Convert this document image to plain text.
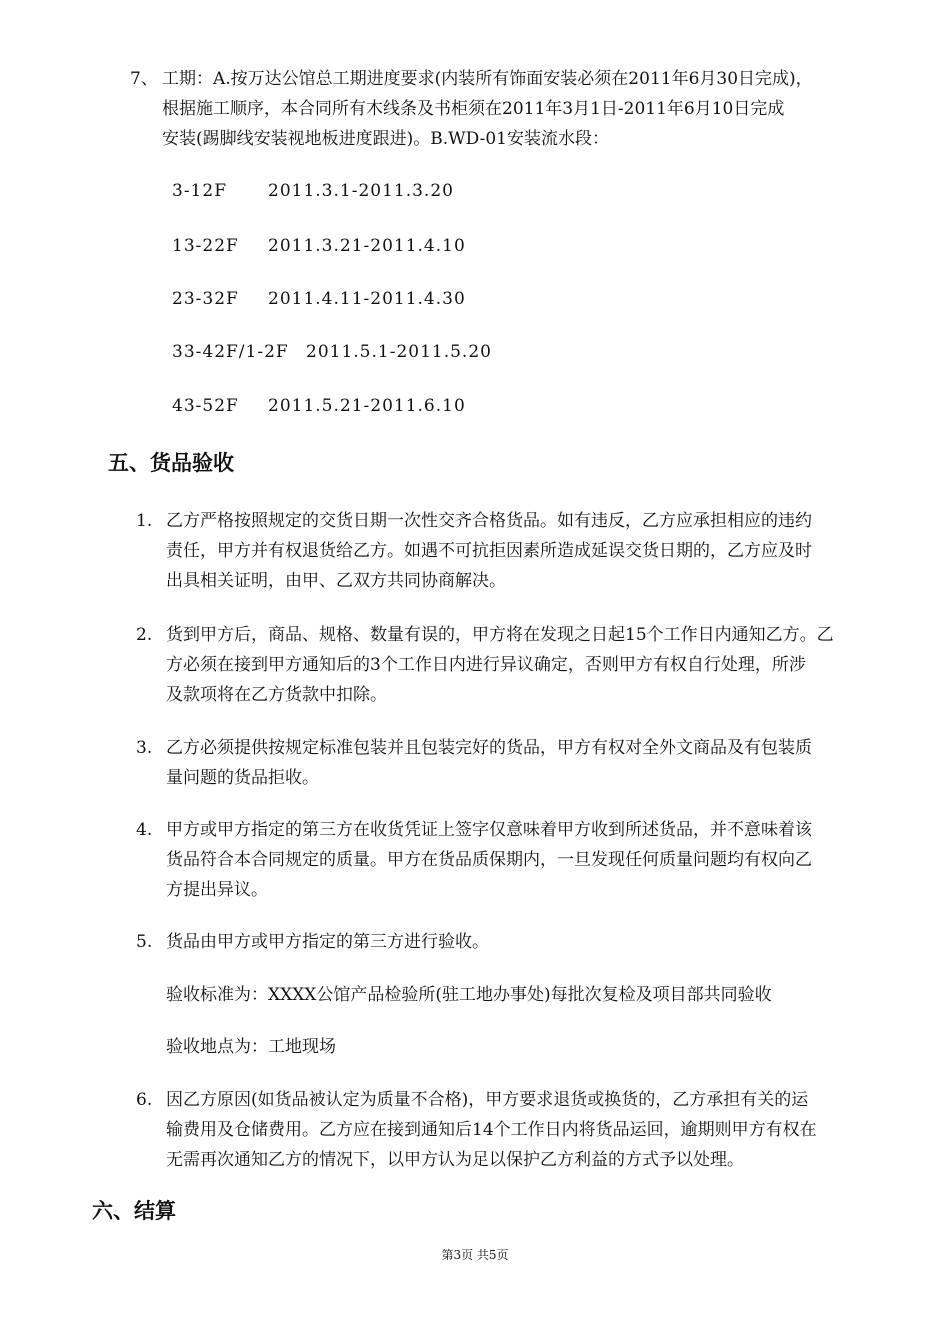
7、 工期：A.按万达公馆总工期进度要求(内装所有饰面安装必须在2011年6月30日完成)，
根据施工顺序，本合同所有木线条及书柜须在2011年3月1日-2011年6月10日完成
安装(踢脚线安装视地板进度跟进)。B.WD-01安装流水段：
3-12F 2011.3.1-2011.3.20
13-22F 2011.3.21-2011.4.10
23-32F 2011.4.11-2011.4.30
33-42F/1-2F 2011.5.1-2011.5.20
43-52F 2011.5.21-2011.6.10
五、货品验收
1. 乙方严格按照规定的交货日期一次性交齐合格货品。如有违反，乙方应承担相应的违约
责任，甲方并有权退货给乙方。如遇不可抗拒因素所造成延误交货日期的，乙方应及时
出具相关证明，由甲、乙双方共同协商解决。
2. 货到甲方后，商品、规格、数量有误的，甲方将在发现之日起15个工作日内通知乙方。乙
方必须在接到甲方通知后的3个工作日内进行异议确定，否则甲方有权自行处理，所涉
及款项将在乙方货款中扣除。
3. 乙方必须提供按规定标准包装并且包装完好的货品，甲方有权对全外文商品及有包装质
量问题的货品拒收。
4. 甲方或甲方指定的第三方在收货凭证上签字仅意味着甲方收到所述货品，并不意味着该
货品符合本合同规定的质量。甲方在货品质保期内，一旦发现任何质量问题均有权向乙
方提出异议。
5. 货品由甲方或甲方指定的第三方进行验收。
验收标准为：XXXX公馆产品检验所(驻工地办事处)每批次复检及项目部共同验收
验收地点为：工地现场
6. 因乙方原因(如货品被认定为质量不合格)，甲方要求退货或换货的，乙方承担有关的运
输费用及仓储费用。乙方应在接到通知后14个工作日内将货品运回，逾期则甲方有权在
无需再次通知乙方的情况下，以甲方认为足以保护乙方利益的方式予以处理。
六、结算
第3页 共5页
